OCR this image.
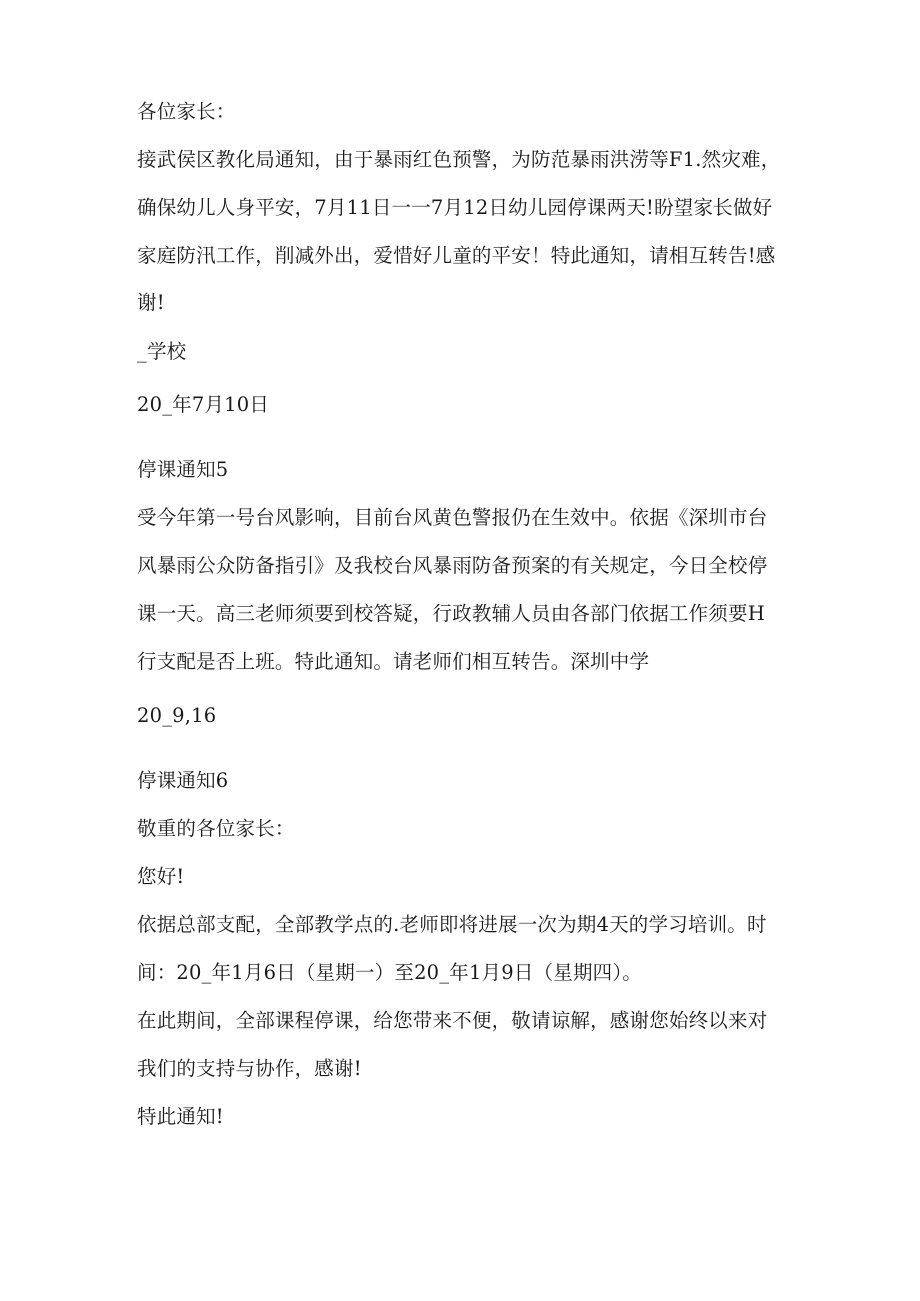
各位家长：
接武侯区教化局通知，由于暴雨红色预警，为防范暴雨洪涝等F1.然灾难，
确保幼儿人身平安，7月11日一一7月12日幼儿园停课两天!盼望家长做好
家庭防汛工作，削减外出，爱惜好儿童的平安！特此通知，请相互转告!感
谢!
_学校
20_年7月10日
停课通知5
受今年第一号台风影响，目前台风黄色警报仍在生效中。依据《深圳市台
风暴雨公众防备指引》及我校台风暴雨防备预案的有关规定，今日全校停
课一天。高三老师须要到校答疑，行政教辅人员由各部门依据工作须要H
行支配是否上班。特此通知。请老师们相互转告。深圳中学
20_9,16
停课通知6
敬重的各位家长：
您好!
依据总部支配，全部教学点的.老师即将进展一次为期4天的学习培训。时
间：20_年1月6日（星期一）至20_年1月9日（星期四）。
在此期间，全部课程停课，给您带来不便，敬请谅解，感谢您始终以来对
我们的支持与协作，感谢!
特此通知!
